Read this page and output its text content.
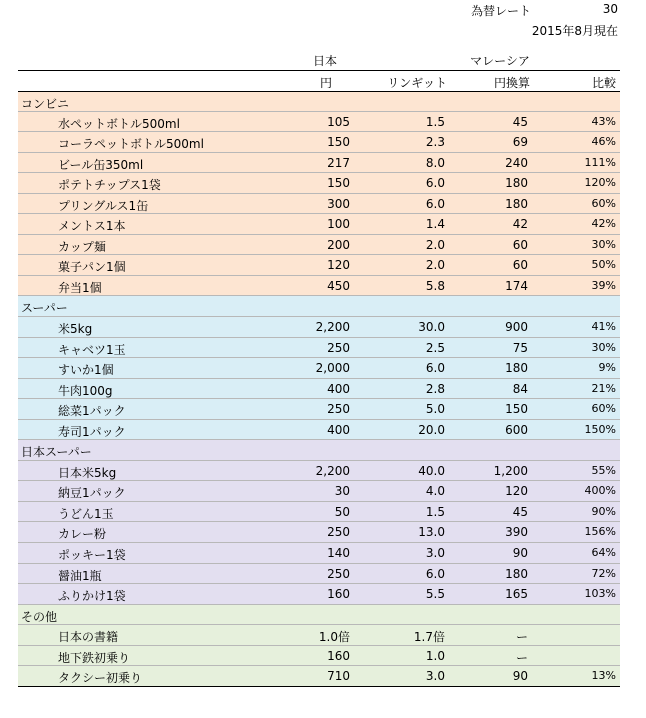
為替レート	30
2015年8月現在
日本	マレーシア
円	リンギット	円換算	比較
コンビニ
水ペットボトル500ml	105	1.5	45	43%
コーラペットボトル500ml	150	2.3	69	46%
ビール缶350ml	217	8.0	240	111%
ポテトチップス1袋	150	6.0	180	120%
プリングルス1缶	300	6.0	180	60%
メントス1本	100	1.4	42	42%
カップ麺	200	2.0	60	30%
菓子パン1個	120	2.0	60	50%
弁当1個	450	5.8	174	39%
スーパー
米5kg	2,200	30.0	900	41%
キャベツ1玉	250	2.5	75	30%
すいか1個	2,000	6.0	180	9%
牛肉100g	400	2.8	84	21%
総菜1パック	250	5.0	150	60%
寿司1パック	400	20.0	600	150%
日本スーパー
日本米5kg	2,200	40.0	1,200	55%
納豆1パック	30	4.0	120	400%
うどん1玉	50	1.5	45	90%
カレー粉	250	13.0	390	156%
ポッキー1袋	140	3.0	90	64%
醤油1瓶	250	6.0	180	72%
ふりかけ1袋	160	5.5	165	103%
その他
日本の書籍	1.0倍	1.7倍	ー
地下鉄初乗り	160	1.0	ー
タクシー初乗り	710	3.0	90	13%
